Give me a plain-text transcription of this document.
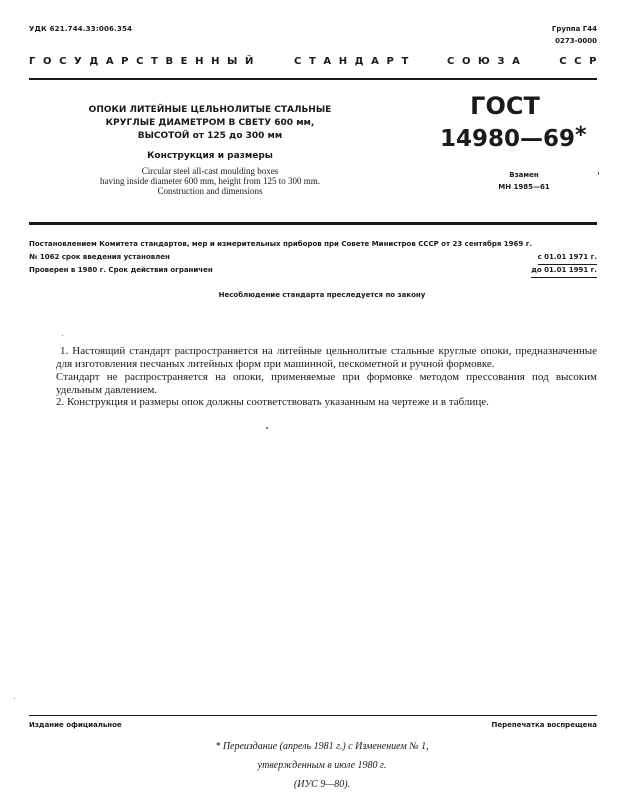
УДК 621.744.33:006.354	Группа Г44
0273-0000
ГОСУДАРСТВЕННЫЙ	СТАНДАРТ	СОЮЗА	ССР
ОПОКИ ЛИТЕЙНЫЕ ЦЕЛЬНОЛИТЫЕ СТАЛЬНЫЕ
КРУГЛЫЕ ДИАМЕТРОМ В СВЕТУ 600 мм,
ВЫСОТОЙ от 125 до 300 мм
Конструкция и размеры
Circular steel all-cast moulding boxes
having inside diameter 600 mm, height from 125 to 300 mm.
Construction and dimensions
ГОСТ
14980—69*
Взамен
МН 1985—61
Постановлением Комитета стандартов, мер и измерительных приборов при Совете Министров СССР от 23 сентября 1969 г.
№ 1062 срок введения установлен	с 01.01 1971 г.
Проверен в 1980 г. Срок действия ограничен	до 01.01 1991 г.
Несоблюдение стандарта преследуется по закону

1. Настоящий стандарт распространяется на литейные цельнолитые стальные круглые опоки, предназначенные для изготовления песчаных литейных форм при машинной, пескометной и ручной формовке.

Стандарт не распространяется на опоки, применяемые при формовке методом прессования под высоким удельным давлением.

2. Конструкция и размеры опок должны соответствовать указанным на чертеже и в таблице.

Издание официальное	Перепечатка воспрещена
* Переиздание (апрель 1981 г.) с Изменением № 1,
утвержденным в июле 1980 г.
(ИУС 9—80).
